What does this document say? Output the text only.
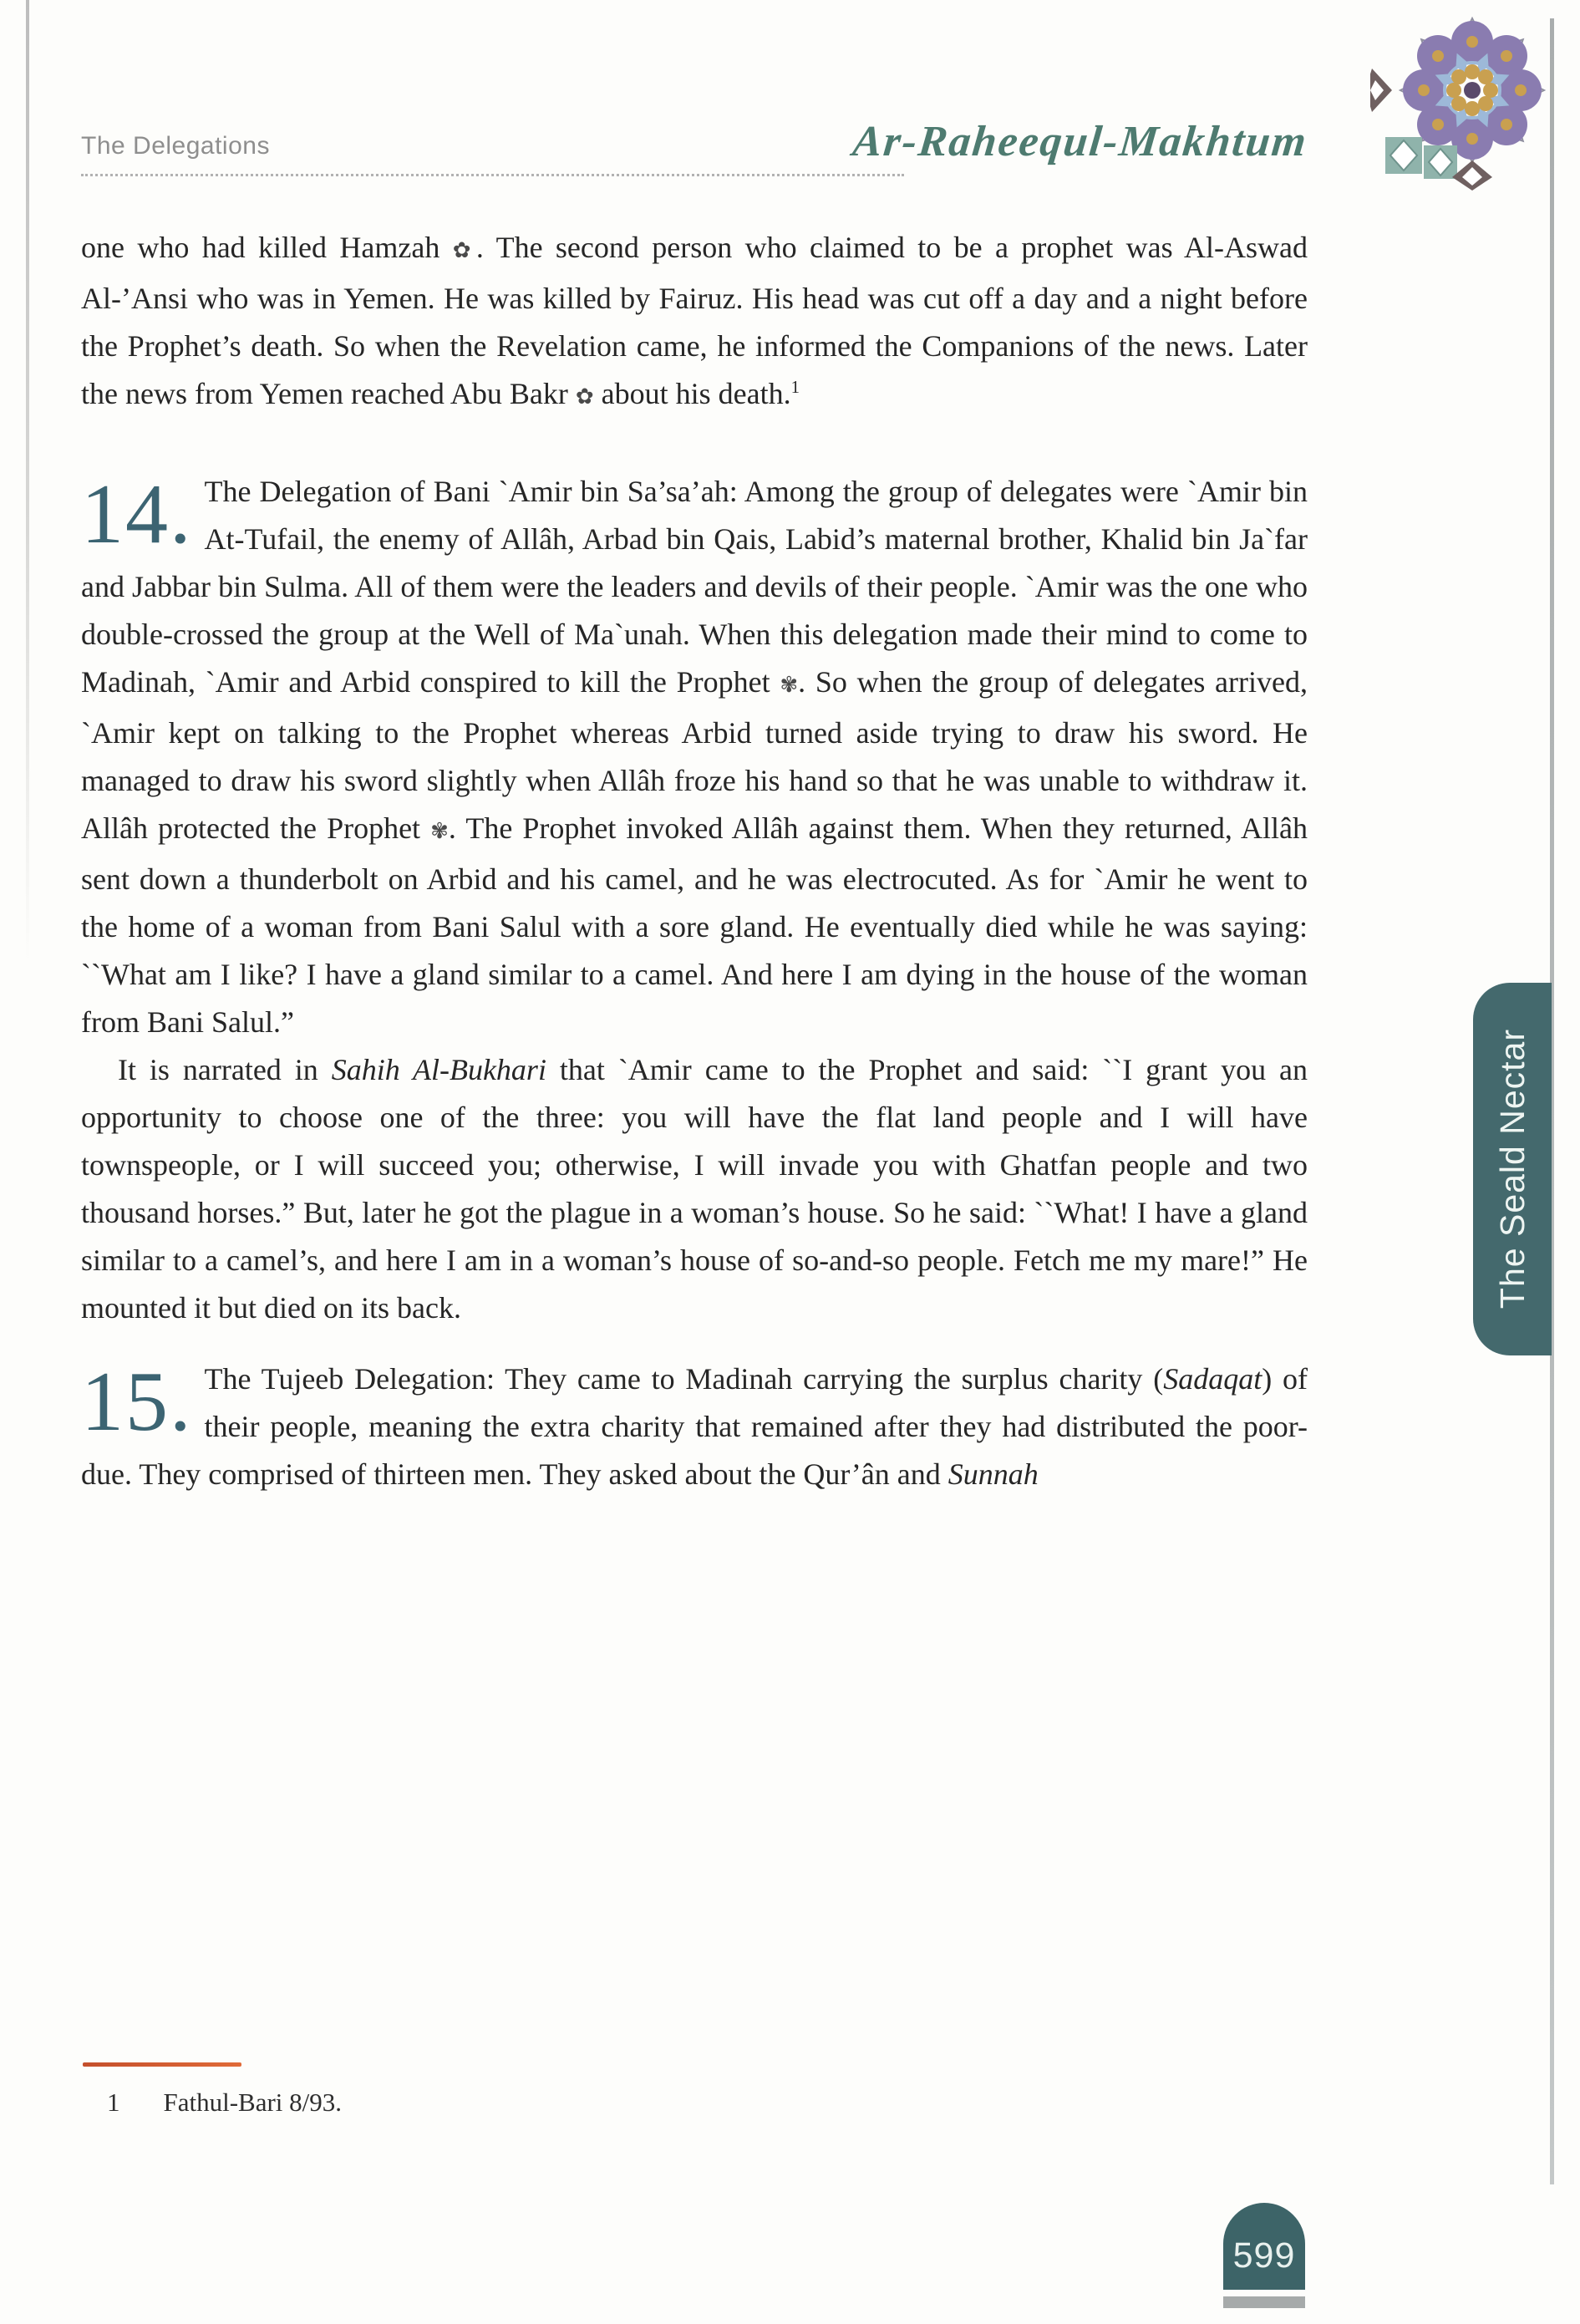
The Delegations	Ar-Raheequl-Makhtum

one who had killed Hamzah ✿. The second person who claimed to be a prophet was Al-Aswad Al-’Ansi who was in Yemen. He was killed by Fairuz. His head was cut off a day and a night before the Prophet’s death. So when the Revelation came, he informed the Companions of the news. Later the news from Yemen reached Abu Bakr ✿ about his death.$^1$

14. The Delegation of Bani `Amir bin Sa’sa’ah: Among the group of delegates were `Amir bin At-Tufail, the enemy of Allâh, Arbad bin Qais, Labid’s maternal brother, Khalid bin Ja`far and Jabbar bin Sulma. All of them were the leaders and devils of their people. `Amir was the one who double-crossed the group at the Well of Ma`unah. When this delegation made their mind to come to Madinah, `Amir and Arbid conspired to kill the Prophet ✾. So when the group of delegates arrived, `Amir kept on talking to the Prophet whereas Arbid turned aside trying to draw his sword. He managed to draw his sword slightly when Allâh froze his hand so that he was unable to withdraw it. Allâh protected the Prophet ✾. The Prophet invoked Allâh against them. When they returned, Allâh sent down a thunderbolt on Arbid and his camel, and he was electrocuted. As for `Amir he went to the home of a woman from Bani Salul with a sore gland. He eventually died while he was saying: ``What am I like? I have a gland similar to a camel. And here I am dying in the house of the woman from Bani Salul.”

It is narrated in Sahih Al-Bukhari that `Amir came to the Prophet and said: ``I grant you an opportunity to choose one of the three: you will have the flat land people and I will have townspeople, or I will succeed you; otherwise, I will invade you with Ghatfan people and two thousand horses.” But, later he got the plague in a woman’s house. So he said: ``What! I have a gland similar to a camel’s, and here I am in a woman’s house of so-and-so people. Fetch me my mare!” He mounted it but died on its back.

15. The Tujeeb Delegation: They came to Madinah carrying the surplus charity (Sadaqat) of their people, meaning the extra charity that remained after they had distributed the poor-due. They comprised of thirteen men. They asked about the Qur’ân and Sunnah

1 Fathul-Bari 8/93.
The Seald Nectar
599
